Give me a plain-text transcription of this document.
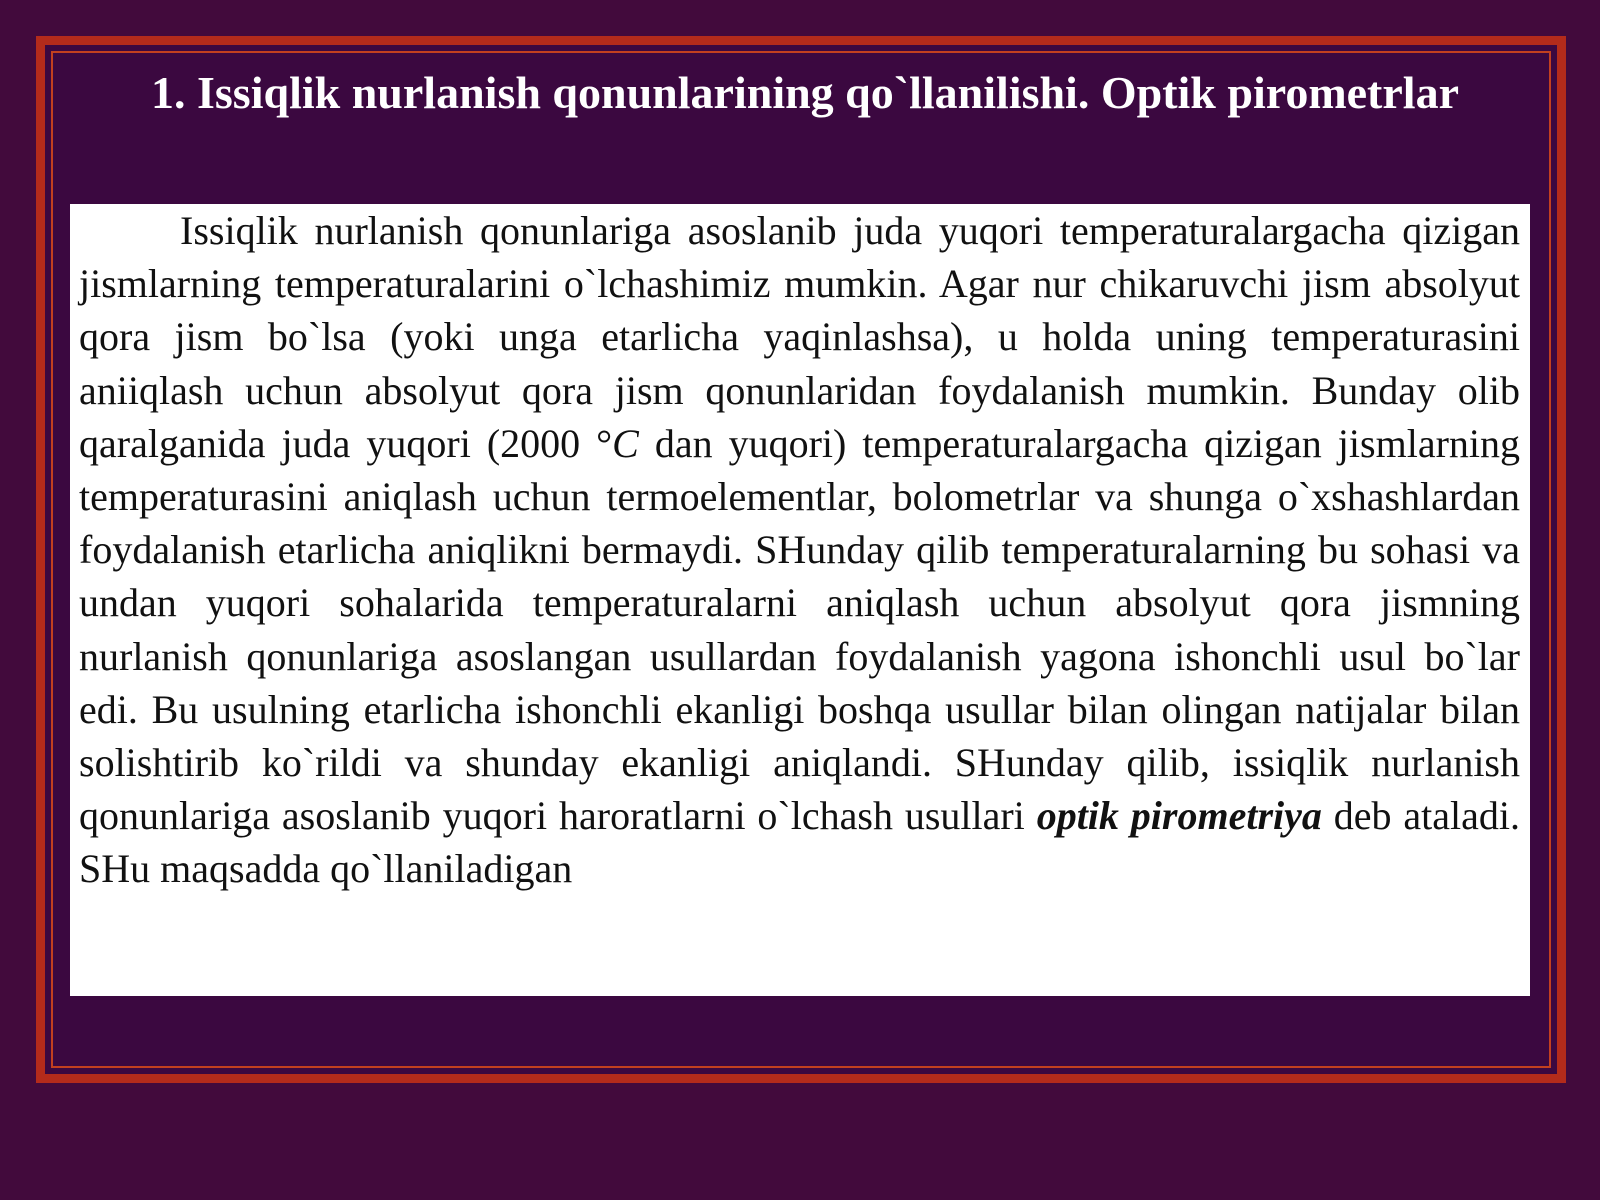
1. Issiqlik nurlanish qonunlarining qo`llanilishi. Optik pirometrlar

Issiqlik nurlanish qonunlariga asoslanib juda yuqori temperaturalargacha qizigan jismlarning temperaturalarini o`lchashimiz mumkin. Agar nur chikaruvchi jism absolyut qora jism bo`lsa (yoki unga etarlicha yaqinlashsa), u holda uning temperaturasini aniiqlash uchun absolyut qora jism qonunlaridan foydalanish mumkin. Bunday olib qaralganida juda yuqori (2000 °C dan yuqori) temperaturalargacha qizigan jismlarning temperaturasini aniqlash uchun termoelementlar, bolometrlar va shunga o`xshashlardan foydalanish etarlicha aniqlikni bermaydi. SHunday qilib temperaturalarning bu sohasi va undan yuqori sohalarida temperaturalarni aniqlash uchun absolyut qora jismning nurlanish qonunlariga asoslangan usullardan foydalanish yagona ishonchli usul bo`lar edi. Bu usulning etarlicha ishonchli ekanligi boshqa usullar bilan olingan natijalar bilan solishtirib ko`rildi va shunday ekanligi aniqlandi. SHunday qilib, issiqlik nurlanish qonunlariga asoslanib yuqori haroratlarni o`lchash usullari optik pirometriya deb ataladi. SHu maqsadda qo`llaniladigan
